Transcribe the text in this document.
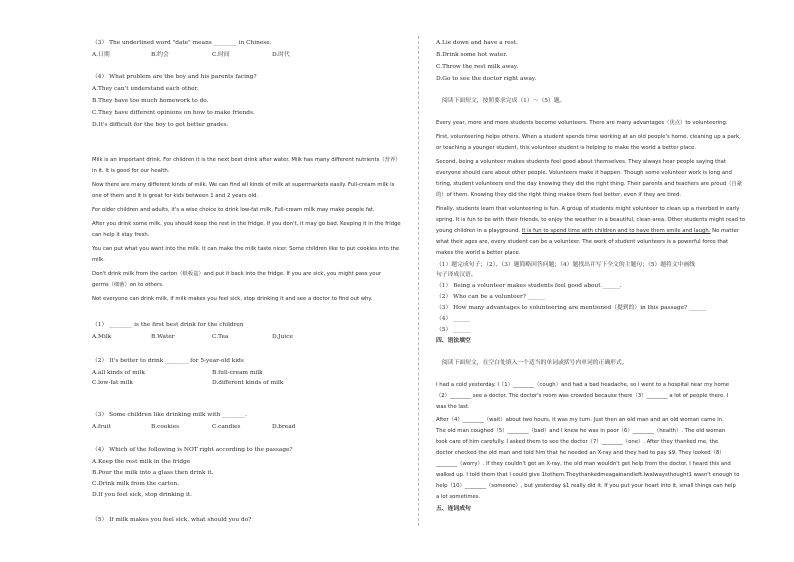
（3） The underlined word "date" means ________ in Chinese.
A.日期	B.约会	C.时间	D.时代
（4） What problem are the boy and his parents facing?
A.They can't understand each other.
B.They have too much homework to do.
C.They have different opinions on how to make friends.
D.It's difficult for the boy to get better grades.
Milk is an important drink. For children it is the next best drink after water. Milk has many different nutrients（营养）
in it. It is good for our health.
Now there are many different kinds of milk. We can find all kinds of milk at supermarkets easily. Full-cream milk is
one of them and it is great for kids between 1 and 2 years old.
For older children and adults, it's a wise choice to drink low-fat milk. Full-cream milk may make people fat.
After you drink some milk, you should keep the rest in the fridge. If you don't, it may go bad. Keeping it in the fridge
can help it stay fresh.
You can put what you want into the milk. It can make the milk taste nicer. Some children like to put cookies into the
milk.
Don't drink milk from the carton（纸板盒）and put it back into the fridge. If you are sick, you might pass your
germs（细菌）on to others.
Not everyone can drink milk, if milk makes you feel sick, stop drinking it and see a doctor to find out why.
（1） ________ is the first best drink for the children
A.Milk	B.Water	C.Tea	D.Juice
（2） It's better to drink ________ for 5-year-old kids
A.all kinds of milk	B.full-cream milk
C.low-fat milk	D.different kinds of milk
（3） Some children like drinking milk with ________.
A.fruit	B.cookies	C.candies	D.bread
（4） Which of the following is NOT right according to the passage?
A.Keep the rest milk in the fridge
B.Pour the milk into a glass then drink it.
C.Drink milk from the carton.
D.If you feel sick, stop drinking it.
（5） If milk makes you feel sick, what should you do?
A.Lie down and have a rest.
B.Drink some hot water.
C.Throw the rest milk away.
D.Go to see the doctor right away.
阅读下面短文，按照要求完成（1）～（5）题。
Every year, more and more students become volunteers. There are many advantages（优点）to volunteering.
First, volunteering helps others. When a student spends time working at an old people's home, cleaning up a park,
or teaching a younger student, this volunteer student is helping to make the world a better place.
Second, being a volunteer makes students feel good about themselves. They always hear people saying that
everyone should care about other people. Volunteers make it happen. Though some volunteer work is long and
tiring, student volunteers end the day knowing they did the right thing. Their parents and teachers are proud（自豪
的）of them. Knowing they did the right thing makes them feel better, even if they are tired.
Finally, students learn that volunteering is fun. A group of students might volunteer to clean up a riverbed in early
spring. It is fun to be with their friends, to enjoy the weather in a beautiful, clean area. Other students might read to
young children in a playground. It is fun to spend time with children and to have them smile and laugh. No matter
what their ages are, every student can be a volunteer. The work of student volunteers is a powerful force that
makes the world a better place.
（1）题完成句子；（2）、（3）题简略回答问题；（4）题找出并写下全文的主题句；（5）题将文中画线
句子译成汉语。
（1） Being a volunteer makes students feel good about ______.
（2） Who can be a volunteer? ______
（3） How many advantages to volunteering are mentioned（提到的）in this passage? ______
（4） ______
（5） ______
四、语法填空
阅读下面短文，在空白处填入一个适当的单词或括号内单词的正确形式。
I had a cold yesterday. I（1）________（cough）and had a bad headache, so I went to a hospital near my home
（2）________ see a doctor. The doctor's room was crowded because there（3）________ a lot of people there. I
was the last.
After（4）________（wait）about two hours, it was my turn. Just then an old man and an old woman came in.
The old man coughed（5）________（bad）and I knew he was in poor（6）________（health）. The old woman
took care of him carefully. I asked them to see the doctor（7）________（one）. After they thanked me, the
doctor checked the old man and told him that he needed an X-ray and they had to pay $9. They looked（8）
________（worry）. If they couldn't get an X-ray, the old man wouldn't get help from the doctor. I heard this and
walked up. I told them that I could give 1tothem.Theythankedmeagainandleft.Iwalwaysthought1 wasn't enough to
help（10）________（someone）, but yesterday $1 really did it. If you put your heart into it, small things can help
a lot sometimes.
五、连词成句
